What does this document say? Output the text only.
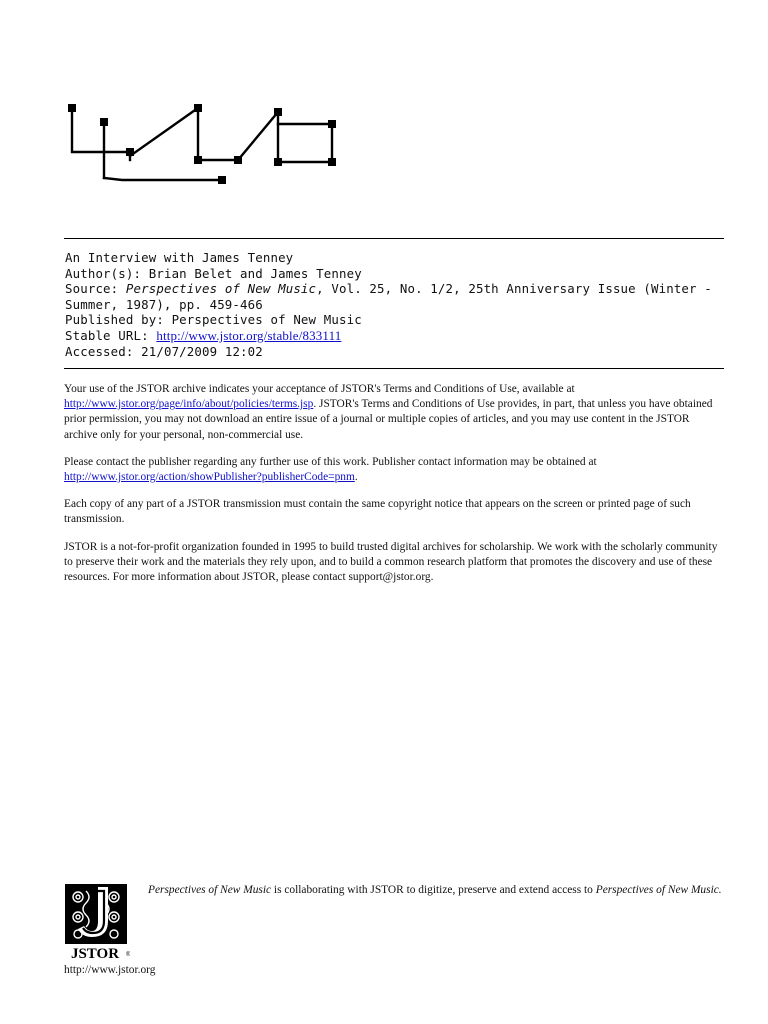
An Interview with James Tenney
Author(s): Brian Belet and James Tenney
Source: Perspectives of New Music, Vol. 25, No. 1/2, 25th Anniversary Issue (Winter - Summer, 1987), pp. 459-466
Published by: Perspectives of New Music
Stable URL: http://www.jstor.org/stable/833111
Accessed: 21/07/2009 12:02

Your use of the JSTOR archive indicates your acceptance of JSTOR's Terms and Conditions of Use, available at http://www.jstor.org/page/info/about/policies/terms.jsp. JSTOR's Terms and Conditions of Use provides, in part, that unless you have obtained prior permission, you may not download an entire issue of a journal or multiple copies of articles, and you may use content in the JSTOR archive only for your personal, non-commercial use.

Please contact the publisher regarding any further use of this work. Publisher contact information may be obtained at http://www.jstor.org/action/showPublisher?publisherCode=pnm.

Each copy of any part of a JSTOR transmission must contain the same copyright notice that appears on the screen or printed page of such transmission.

JSTOR is a not-for-profit organization founded in 1995 to build trusted digital archives for scholarship. We work with the scholarly community to preserve their work and the materials they rely upon, and to build a common research platform that promotes the discovery and use of these resources. For more information about JSTOR, please contact support@jstor.org.

JSTOR ®
Perspectives of New Music is collaborating with JSTOR to digitize, preserve and extend access to Perspectives of New Music.
http://www.jstor.org
